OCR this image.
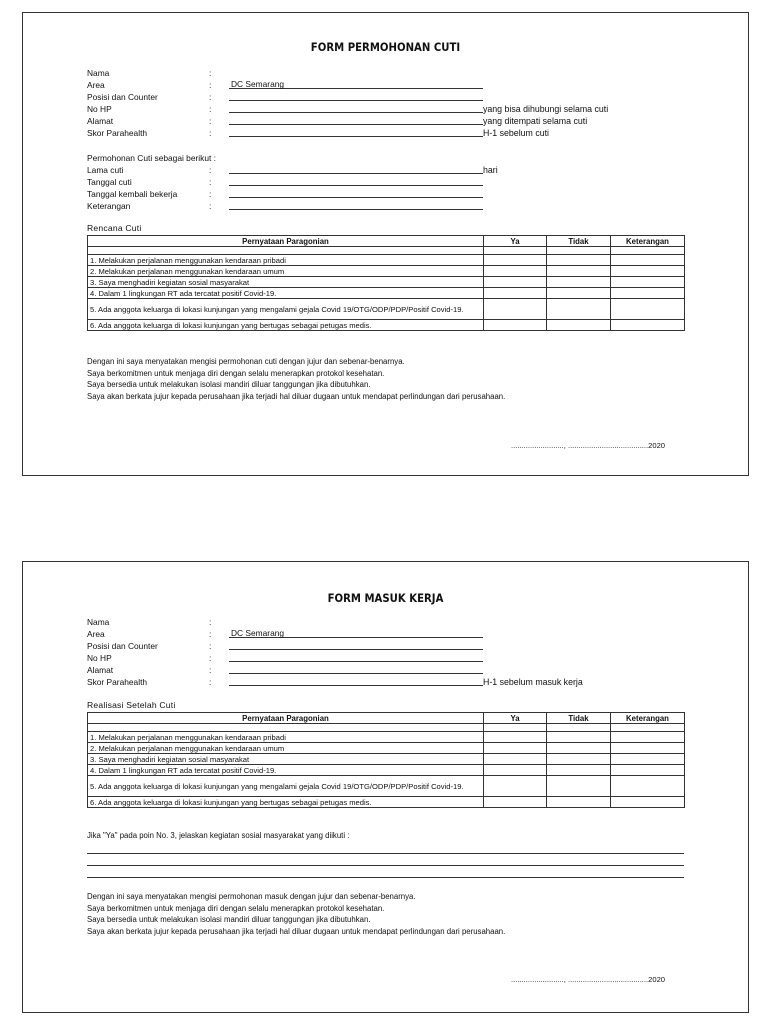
FORM PERMOHONAN CUTI
Nama	:
Area	: DC Semarang
Posisi dan Counter	:
No HP	:	yang bisa dihubungi selama cuti
Alamat	:	yang ditempati selama cuti
Skor Parahealth	:	H-1 sebelum cuti
Permohonan Cuti sebagai berikut :
Lama cuti	:	hari
Tanggal cuti	:
Tanggal kembali bekerja	:
Keterangan	:
Rencana Cuti
Pernyataan Paragonian	Ya	Tidak	Keterangan

1. Melakukan perjalanan menggunakan kendaraan pribadi			
2. Melakukan perjalanan menggunakan kendaraan umum			
3. Saya menghadiri kegiatan sosial masyarakat			
4. Dalam 1 lingkungan RT ada tercatat positif Covid-19.			
5. Ada anggota keluarga di lokasi kunjungan yang mengalami gejala Covid 19/OTG/ODP/PDP/Positif Covid-19.			
6. Ada anggota keluarga di lokasi kunjungan yang bertugas sebagai petugas medis.			
Dengan ini saya menyatakan mengisi permohonan cuti dengan jujur dan sebenar-benarnya.
Saya berkomitmen untuk menjaga diri dengan selalu menerapkan protokol kesehatan.
Saya bersedia untuk melakukan isolasi mandiri diluar tanggungan jika dibutuhkan.
Saya akan berkata jujur kepada perusahaan jika terjadi hal diluar dugaan untuk mendapat perlindungan dari perusahaan.
........................., ......................................2020
FORM MASUK KERJA
Nama	:
Area	: DC Semarang
Posisi dan Counter	:
No HP	:
Alamat	:
Skor Parahealth	:	H-1 sebelum masuk kerja
Realisasi Setelah Cuti
Pernyataan Paragonian	Ya	Tidak	Keterangan

1. Melakukan perjalanan menggunakan kendaraan pribadi			
2. Melakukan perjalanan menggunakan kendaraan umum			
3. Saya menghadiri kegiatan sosial masyarakat			
4. Dalam 1 lingkungan RT ada tercatat positif Covid-19.			
5. Ada anggota keluarga di lokasi kunjungan yang mengalami gejala Covid 19/OTG/ODP/PDP/Positif Covid-19.			
6. Ada anggota keluarga di lokasi kunjungan yang bertugas sebagai petugas medis.			
Jika "Ya" pada poin No. 3, jelaskan kegiatan sosial masyarakat yang diikuti :
Dengan ini saya menyatakan mengisi permohonan masuk dengan jujur dan sebenar-benarnya.
Saya berkomitmen untuk menjaga diri dengan selalu menerapkan protokol kesehatan.
Saya bersedia untuk melakukan isolasi mandiri diluar tanggungan jika dibutuhkan.
Saya akan berkata jujur kepada perusahaan jika terjadi hal diluar dugaan untuk mendapat perlindungan dari perusahaan.
........................., ......................................2020
